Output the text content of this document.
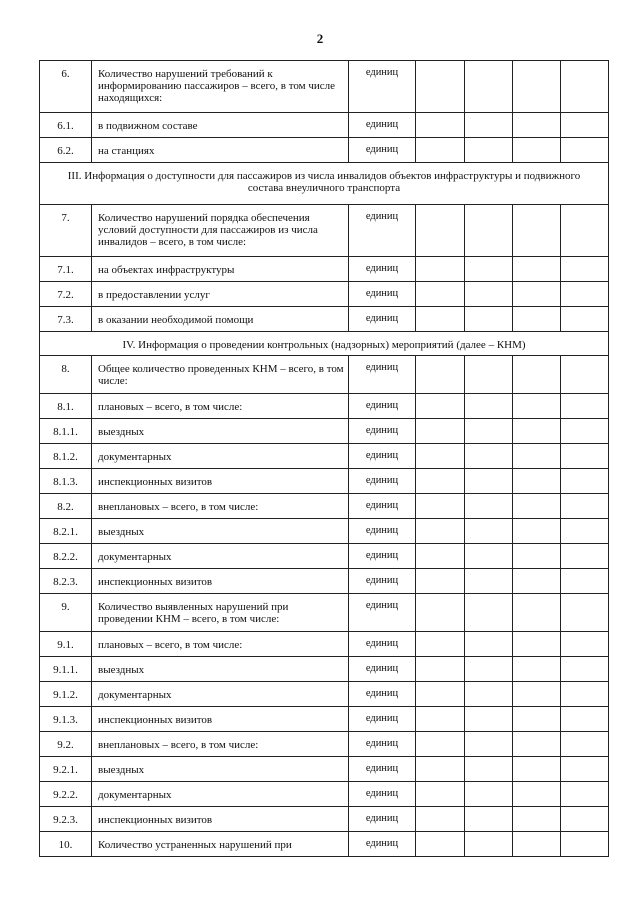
2
6.	Количество нарушений требований к информированию пассажиров – всего, в том числе находящихся:	единиц				
6.1.	в подвижном составе	единиц				
6.2.	на станциях	единиц				
III. Информация о доступности для пассажиров из числа инвалидов объектов инфраструктуры и подвижного состава внеуличного транспорта						
7.	Количество нарушений порядка обеспечения условий доступности для пассажиров из числа инвалидов – всего, в том числе:	единиц				
7.1.	на объектах инфраструктуры	единиц				
7.2.	в предоставлении услуг	единиц				
7.3.	в оказании необходимой помощи	единиц				
IV. Информация о проведении контрольных (надзорных) мероприятий (далее – КНМ)						
8.	Общее количество проведенных КНМ – всего, в том числе:	единиц				
8.1.	плановых – всего, в том числе:	единиц				
8.1.1.	выездных	единиц				
8.1.2.	документарных	единиц				
8.1.3.	инспекционных визитов	единиц				
8.2.	внеплановых – всего, в том числе:	единиц				
8.2.1.	выездных	единиц				
8.2.2.	документарных	единиц				
8.2.3.	инспекционных визитов	единиц				
9.	Количество выявленных нарушений при проведении КНМ – всего, в том числе:	единиц				
9.1.	плановых – всего, в том числе:	единиц				
9.1.1.	выездных	единиц				
9.1.2.	документарных	единиц				
9.1.3.	инспекционных визитов	единиц				
9.2.	внеплановых – всего, в том числе:	единиц				
9.2.1.	выездных	единиц				
9.2.2.	документарных	единиц				
9.2.3.	инспекционных визитов	единиц				
10.	Количество устраненных нарушений при	единиц				
